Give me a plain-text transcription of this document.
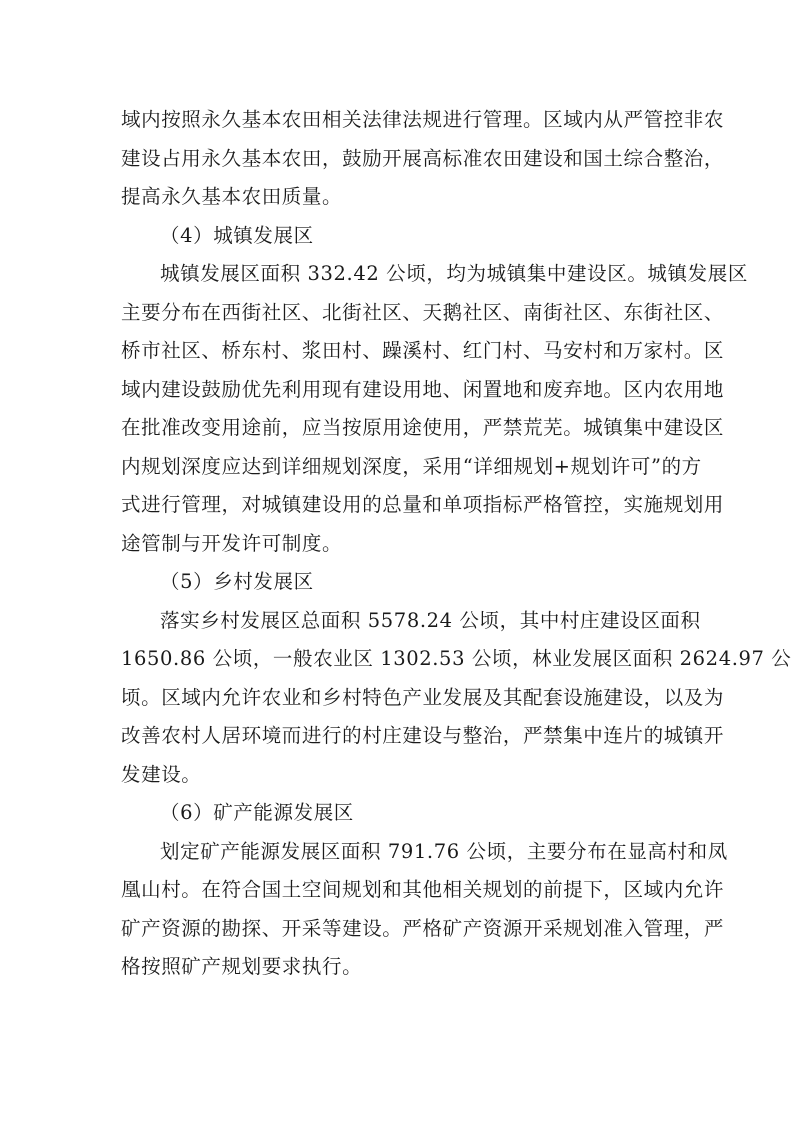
域内按照永久基本农田相关法律法规进行管理。区域内从严管控非农
建设占用永久基本农田，鼓励开展高标准农田建设和国土综合整治，
提高永久基本农田质量。
（4）城镇发展区
城镇发展区面积 332.42 公顷，均为城镇集中建设区。城镇发展区
主要分布在西街社区、北街社区、天鹅社区、南街社区、东街社区、
桥市社区、桥东村、浆田村、躁溪村、红门村、马安村和万家村。区
域内建设鼓励优先利用现有建设用地、闲置地和废弃地。区内农用地
在批准改变用途前，应当按原用途使用，严禁荒芜。城镇集中建设区
内规划深度应达到详细规划深度，采用“详细规划+规划许可”的方
式进行管理，对城镇建设用的总量和单项指标严格管控，实施规划用
途管制与开发许可制度。
（5）乡村发展区
落实乡村发展区总面积 5578.24 公顷，其中村庄建设区面积
1650.86 公顷，一般农业区 1302.53 公顷，林业发展区面积 2624.97 公
顷。区域内允许农业和乡村特色产业发展及其配套设施建设，以及为
改善农村人居环境而进行的村庄建设与整治，严禁集中连片的城镇开
发建设。
（6）矿产能源发展区
划定矿产能源发展区面积 791.76 公顷，主要分布在显高村和凤
凰山村。在符合国土空间规划和其他相关规划的前提下，区域内允许
矿产资源的勘探、开采等建设。严格矿产资源开采规划准入管理，严
格按照矿产规划要求执行。
